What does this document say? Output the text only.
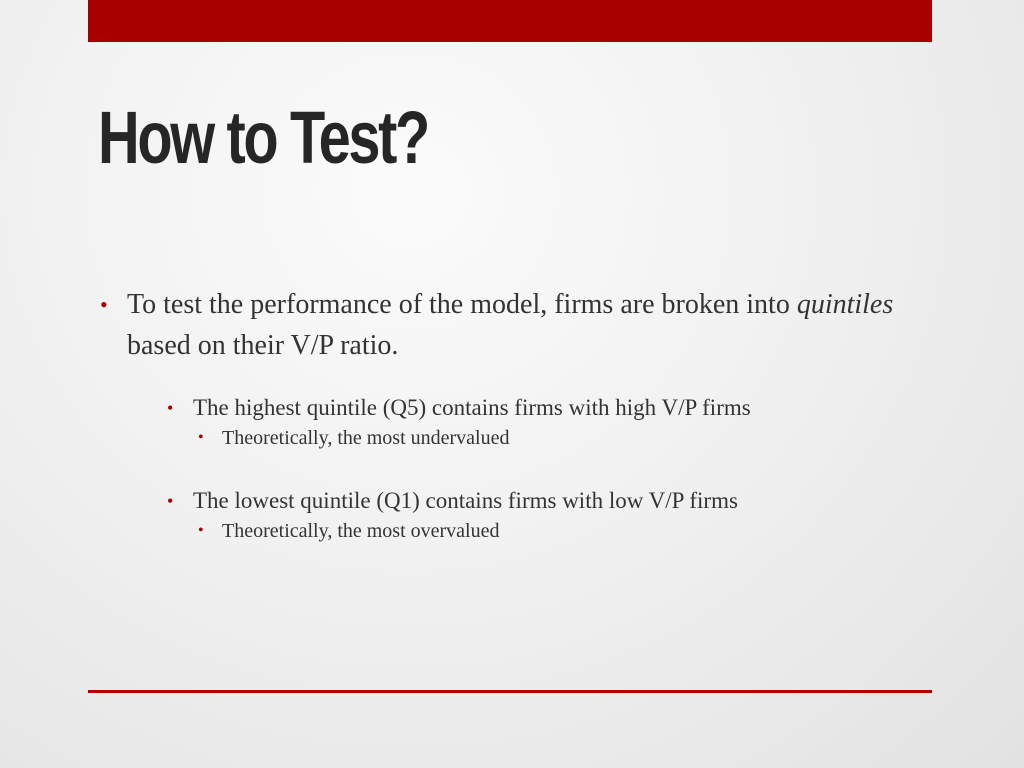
How to Test?
• To test the performance of the model, firms are broken into quintiles based on their V/P ratio.
• The highest quintile (Q5) contains firms with high V/P firms
• Theoretically, the most undervalued
• The lowest quintile (Q1) contains firms with low V/P firms
• Theoretically, the most overvalued
